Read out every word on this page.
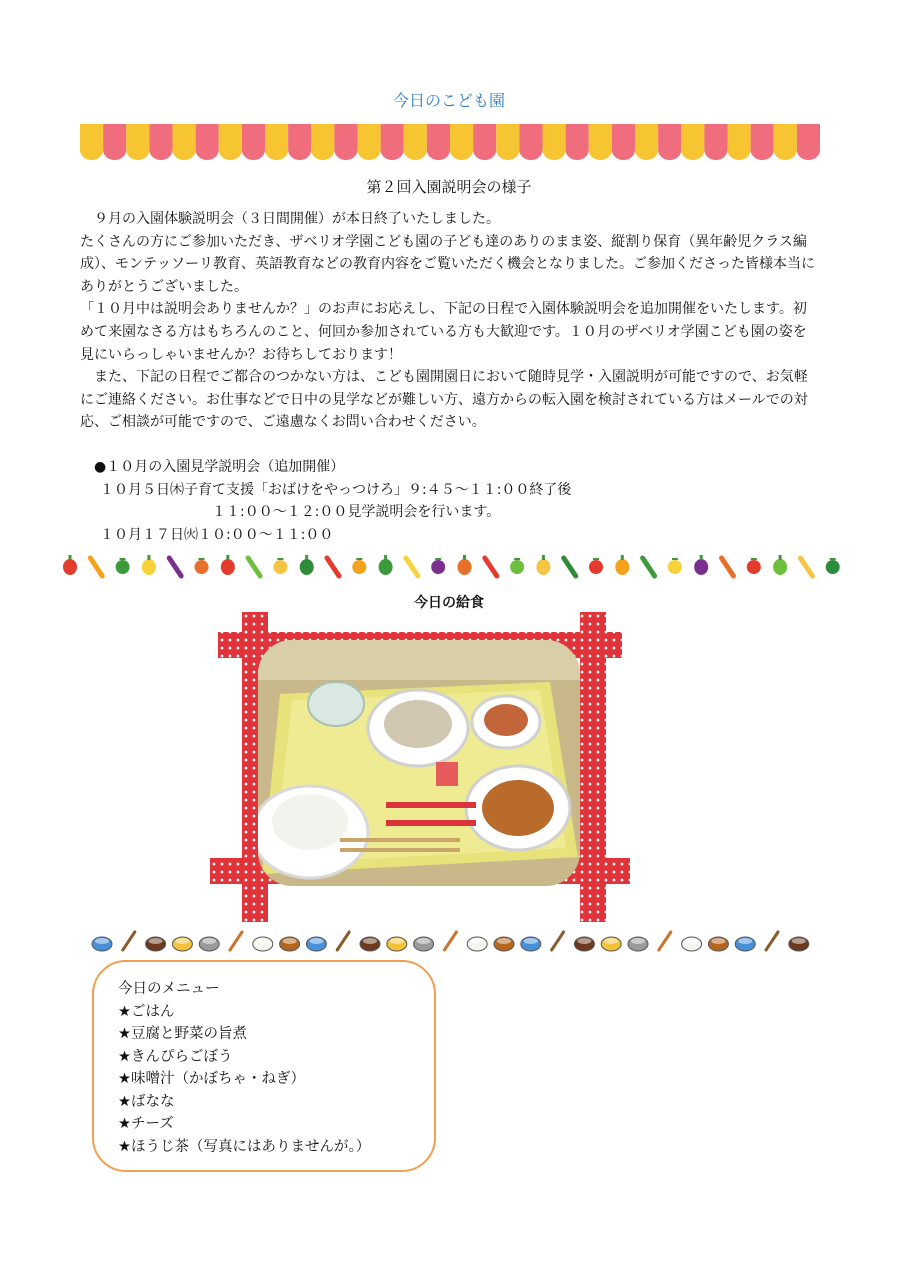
今日のこども園
第２回入園説明会の様子

　９月の入園体験説明会（３日間開催）が本日終了いたしました。

たくさんの方にご参加いただき、ザベリオ学園こども園の子ども達のありのまま姿、縦割り保育（異年齢児クラス編成）、モンテッソーリ教育、英語教育などの教育内容をご覧いただく機会となりました。ご参加くださった皆様本当にありがとうございました。

「１０月中は説明会ありませんか？」のお声にお応えし、下記の日程で入園体験説明会を追加開催をいたします。初めて来園なさる方はもちろんのこと、何回か参加されている方も大歓迎です。１０月のザベリオ学園こども園の姿を見にいらっしゃいませんか？お待ちしております！

　また、下記の日程でご都合のつかない方は、こども園開園日において随時見学・入園説明が可能ですので、お気軽にご連絡ください。お仕事などで日中の見学などが難しい方、遠方からの転入園を検討されている方はメールでの対応、ご相談が可能ですので、ご遠慮なくお問い合わせください。

●１０月の入園見学説明会（追加開催）
１０月５日㈭子育て支援「おばけをやっつけろ」９:４５～１１:００終了後
　　　　　　　　１１:００～１２:００見学説明会を行います。
１０月１７日㈫１０:００～１１:００
今日の給食
今日のメニュー
★ごはん
★豆腐と野菜の旨煮
★きんぴらごぼう
★味噌汁（かぼちゃ・ねぎ）
★ばなな
★チーズ
★ほうじ茶（写真にはありませんが。）
